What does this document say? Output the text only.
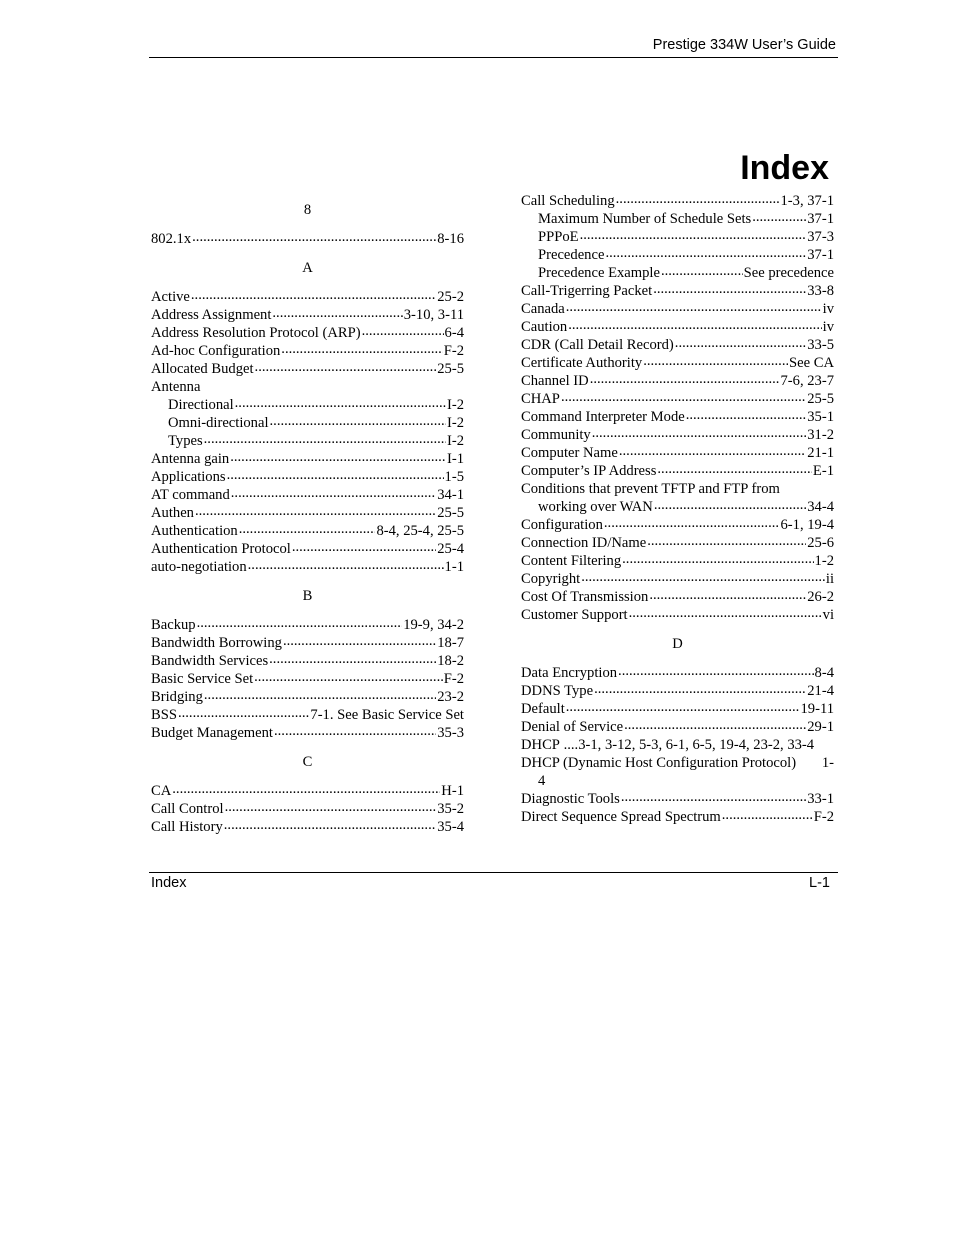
Prestige 334W User’s Guide
Index
8
802.1x .....	8-16
A
Active .....	25-2
Address Assignment .....	3-10, 3-11
Address Resolution Protocol (ARP) .....	6-4
Ad-hoc Configuration .....	F-2
Allocated Budget .....	25-5
Antenna
Directional .....	I-2
Omni-directional .....	I-2
Types .....	I-2
Antenna gain .....	I-1
Applications .....	1-5
AT command .....	34-1
Authen .....	25-5
Authentication .....	8-4, 25-4, 25-5
Authentication Protocol .....	25-4
auto-negotiation .....	1-1
B
Backup .....	19-9, 34-2
Bandwidth Borrowing .....	18-7
Bandwidth Services .....	18-2
Basic Service Set .....	F-2
Bridging .....	23-2
BSS .....	7-1. See Basic Service Set
Budget Management .....	35-3
C
CA .....	H-1
Call Control .....	35-2
Call History .....	35-4
Call Scheduling .....	1-3, 37-1
Maximum Number of Schedule Sets .....	37-1
PPPoE .....	37-3
Precedence .....	37-1
Precedence Example .....	See precedence
Call-Trigerring Packet .....	33-8
Canada .....	iv
Caution .....	iv
CDR (Call Detail Record) .....	33-5
Certificate Authority .....	See CA
Channel ID .....	7-6, 23-7
CHAP .....	25-5
Command Interpreter Mode .....	35-1
Community .....	31-2
Computer Name .....	21-1
Computer’s IP Address .....	E-1
Conditions that prevent TFTP and FTP from
working over WAN .....	34-4
Configuration .....	6-1, 19-4
Connection ID/Name .....	25-6
Content Filtering .....	1-2
Copyright .....	ii
Cost Of Transmission .....	26-2
Customer Support .....	vi
D
Data Encryption .....	8-4
DDNS Type .....	21-4
Default .....	19-11
Denial of Service .....	29-1
DHCP .... 3-1, 3-12, 5-3, 6-1, 6-5, 19-4, 23-2, 33-4
DHCP (Dynamic Host Configuration Protocol)	1-
4
Diagnostic Tools .....	33-1
Direct Sequence Spread Spectrum .....	F-2
Index	L-1
